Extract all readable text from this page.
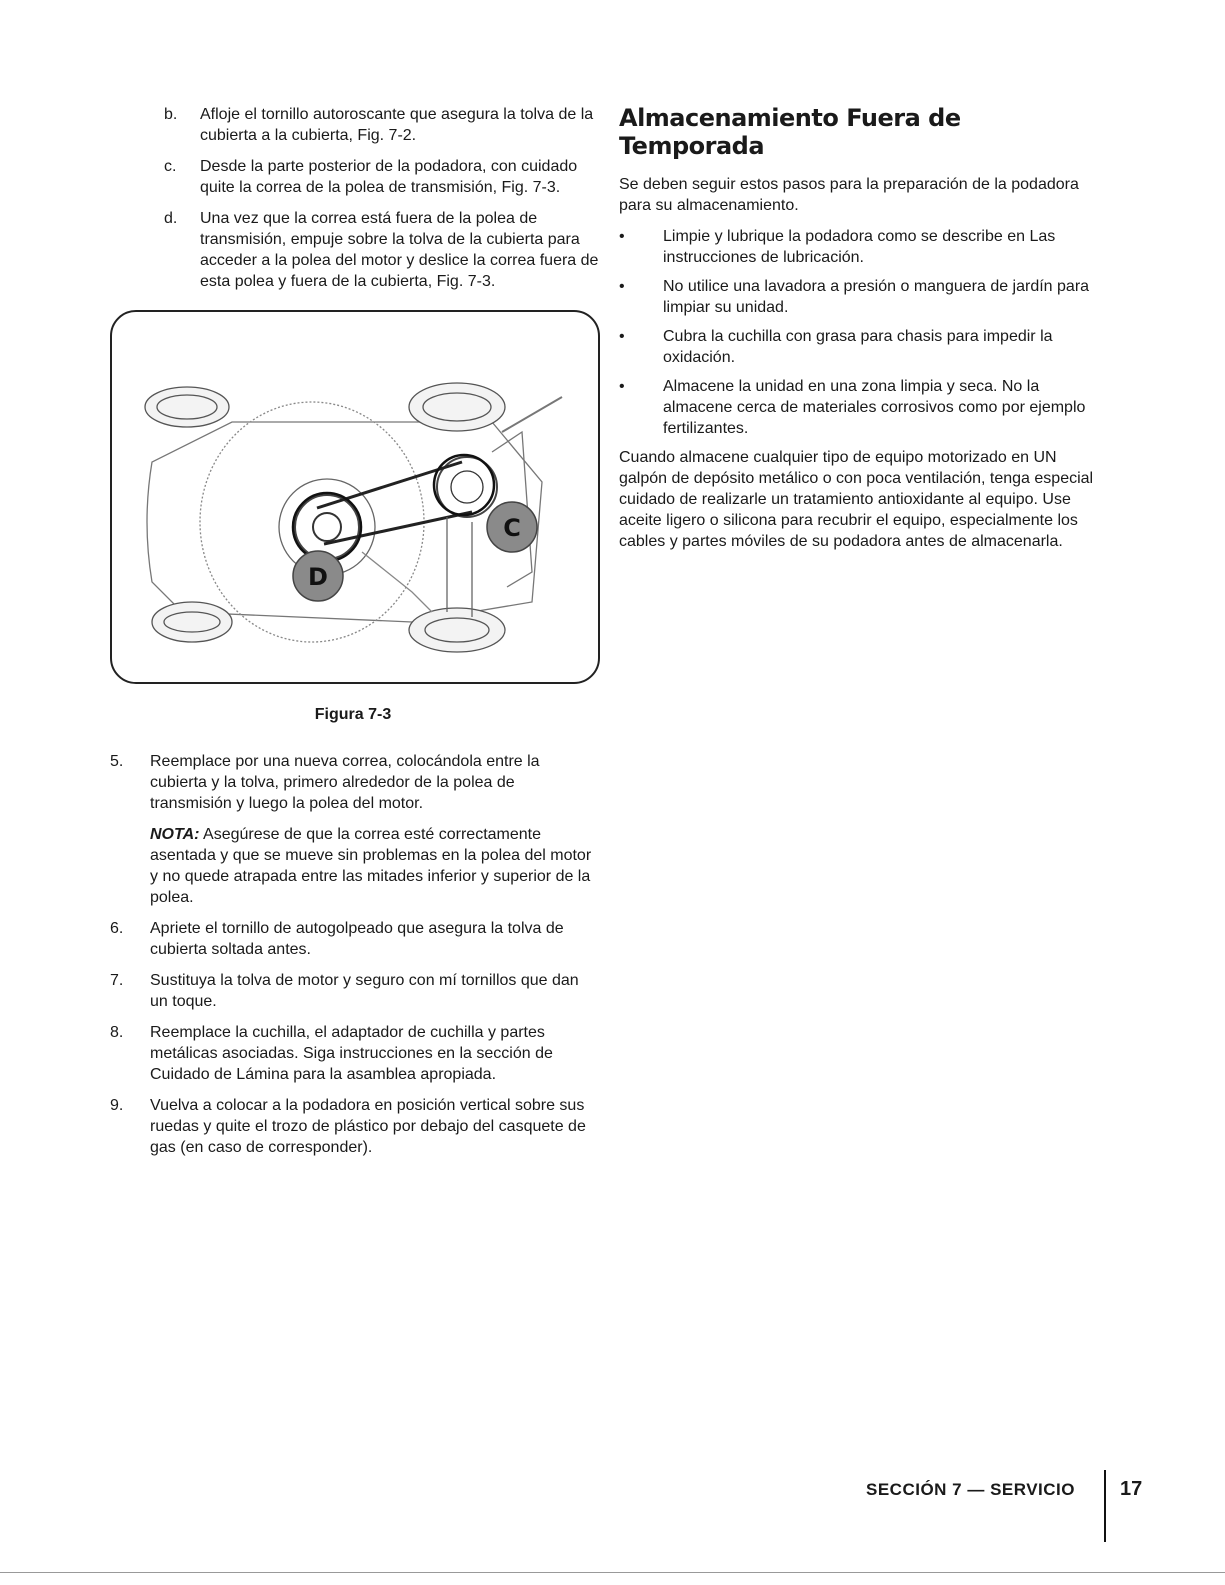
b. Afloje el tornillo autoroscante que asegura la tolva de la cubierta a la cubierta, Fig. 7-2.
c. Desde la parte posterior de la podadora, con cuidado quite la correa de la polea de transmisión, Fig. 7-3.
d. Una vez que la correa está fuera de la polea de transmisión, empuje sobre la tolva de la cubierta para acceder a la polea del motor y deslice la correa fuera de esta polea y fuera de la cubierta, Fig. 7-3.
C
D
Figura 7-3
5. Reemplace por una nueva correa, colocándola entre la cubierta y la tolva, primero alrededor de la polea de transmisión y luego la polea del motor.
NOTA: Asegúrese de que la correa esté correctamente asentada y que se mueve sin problemas en la polea del motor y no quede atrapada entre las mitades inferior y superior de la polea.
6. Apriete el tornillo de autogolpeado que asegura la tolva de cubierta soltada antes.
7. Sustituya la tolva de motor y seguro con mí tornillos que dan un toque.
8. Reemplace la cuchilla, el adaptador de cuchilla y partes metálicas asociadas. Siga instrucciones en la sección de Cuidado de Lámina para la asamblea apropiada.
9. Vuelva a colocar a la podadora en posición vertical sobre sus ruedas y quite el trozo de plástico por debajo del casquete de gas (en caso de corresponder).
Almacenamiento Fuera de Temporada

Se deben seguir estos pasos para la preparación de la podadora para su almacenamiento.

• Limpie y lubrique la podadora como se describe en Las instrucciones de lubricación.
• No utilice una lavadora a presión o manguera de jardín para limpiar su unidad.
• Cubra la cuchilla con grasa para chasis para impedir la oxidación.
• Almacene la unidad en una zona limpia y seca. No la almacene cerca de materiales corrosivos como por ejemplo fertilizantes.

Cuando almacene cualquier tipo de equipo motorizado en UN galpón de depósito metálico o con poca ventilación, tenga especial cuidado de realizarle un tratamiento antioxidante al equipo. Use aceite ligero o silicona para recubrir el equipo, especialmente los cables y partes móviles de su podadora antes de almacenarla.

SECCIÓN 7 — SERVICIO 17
